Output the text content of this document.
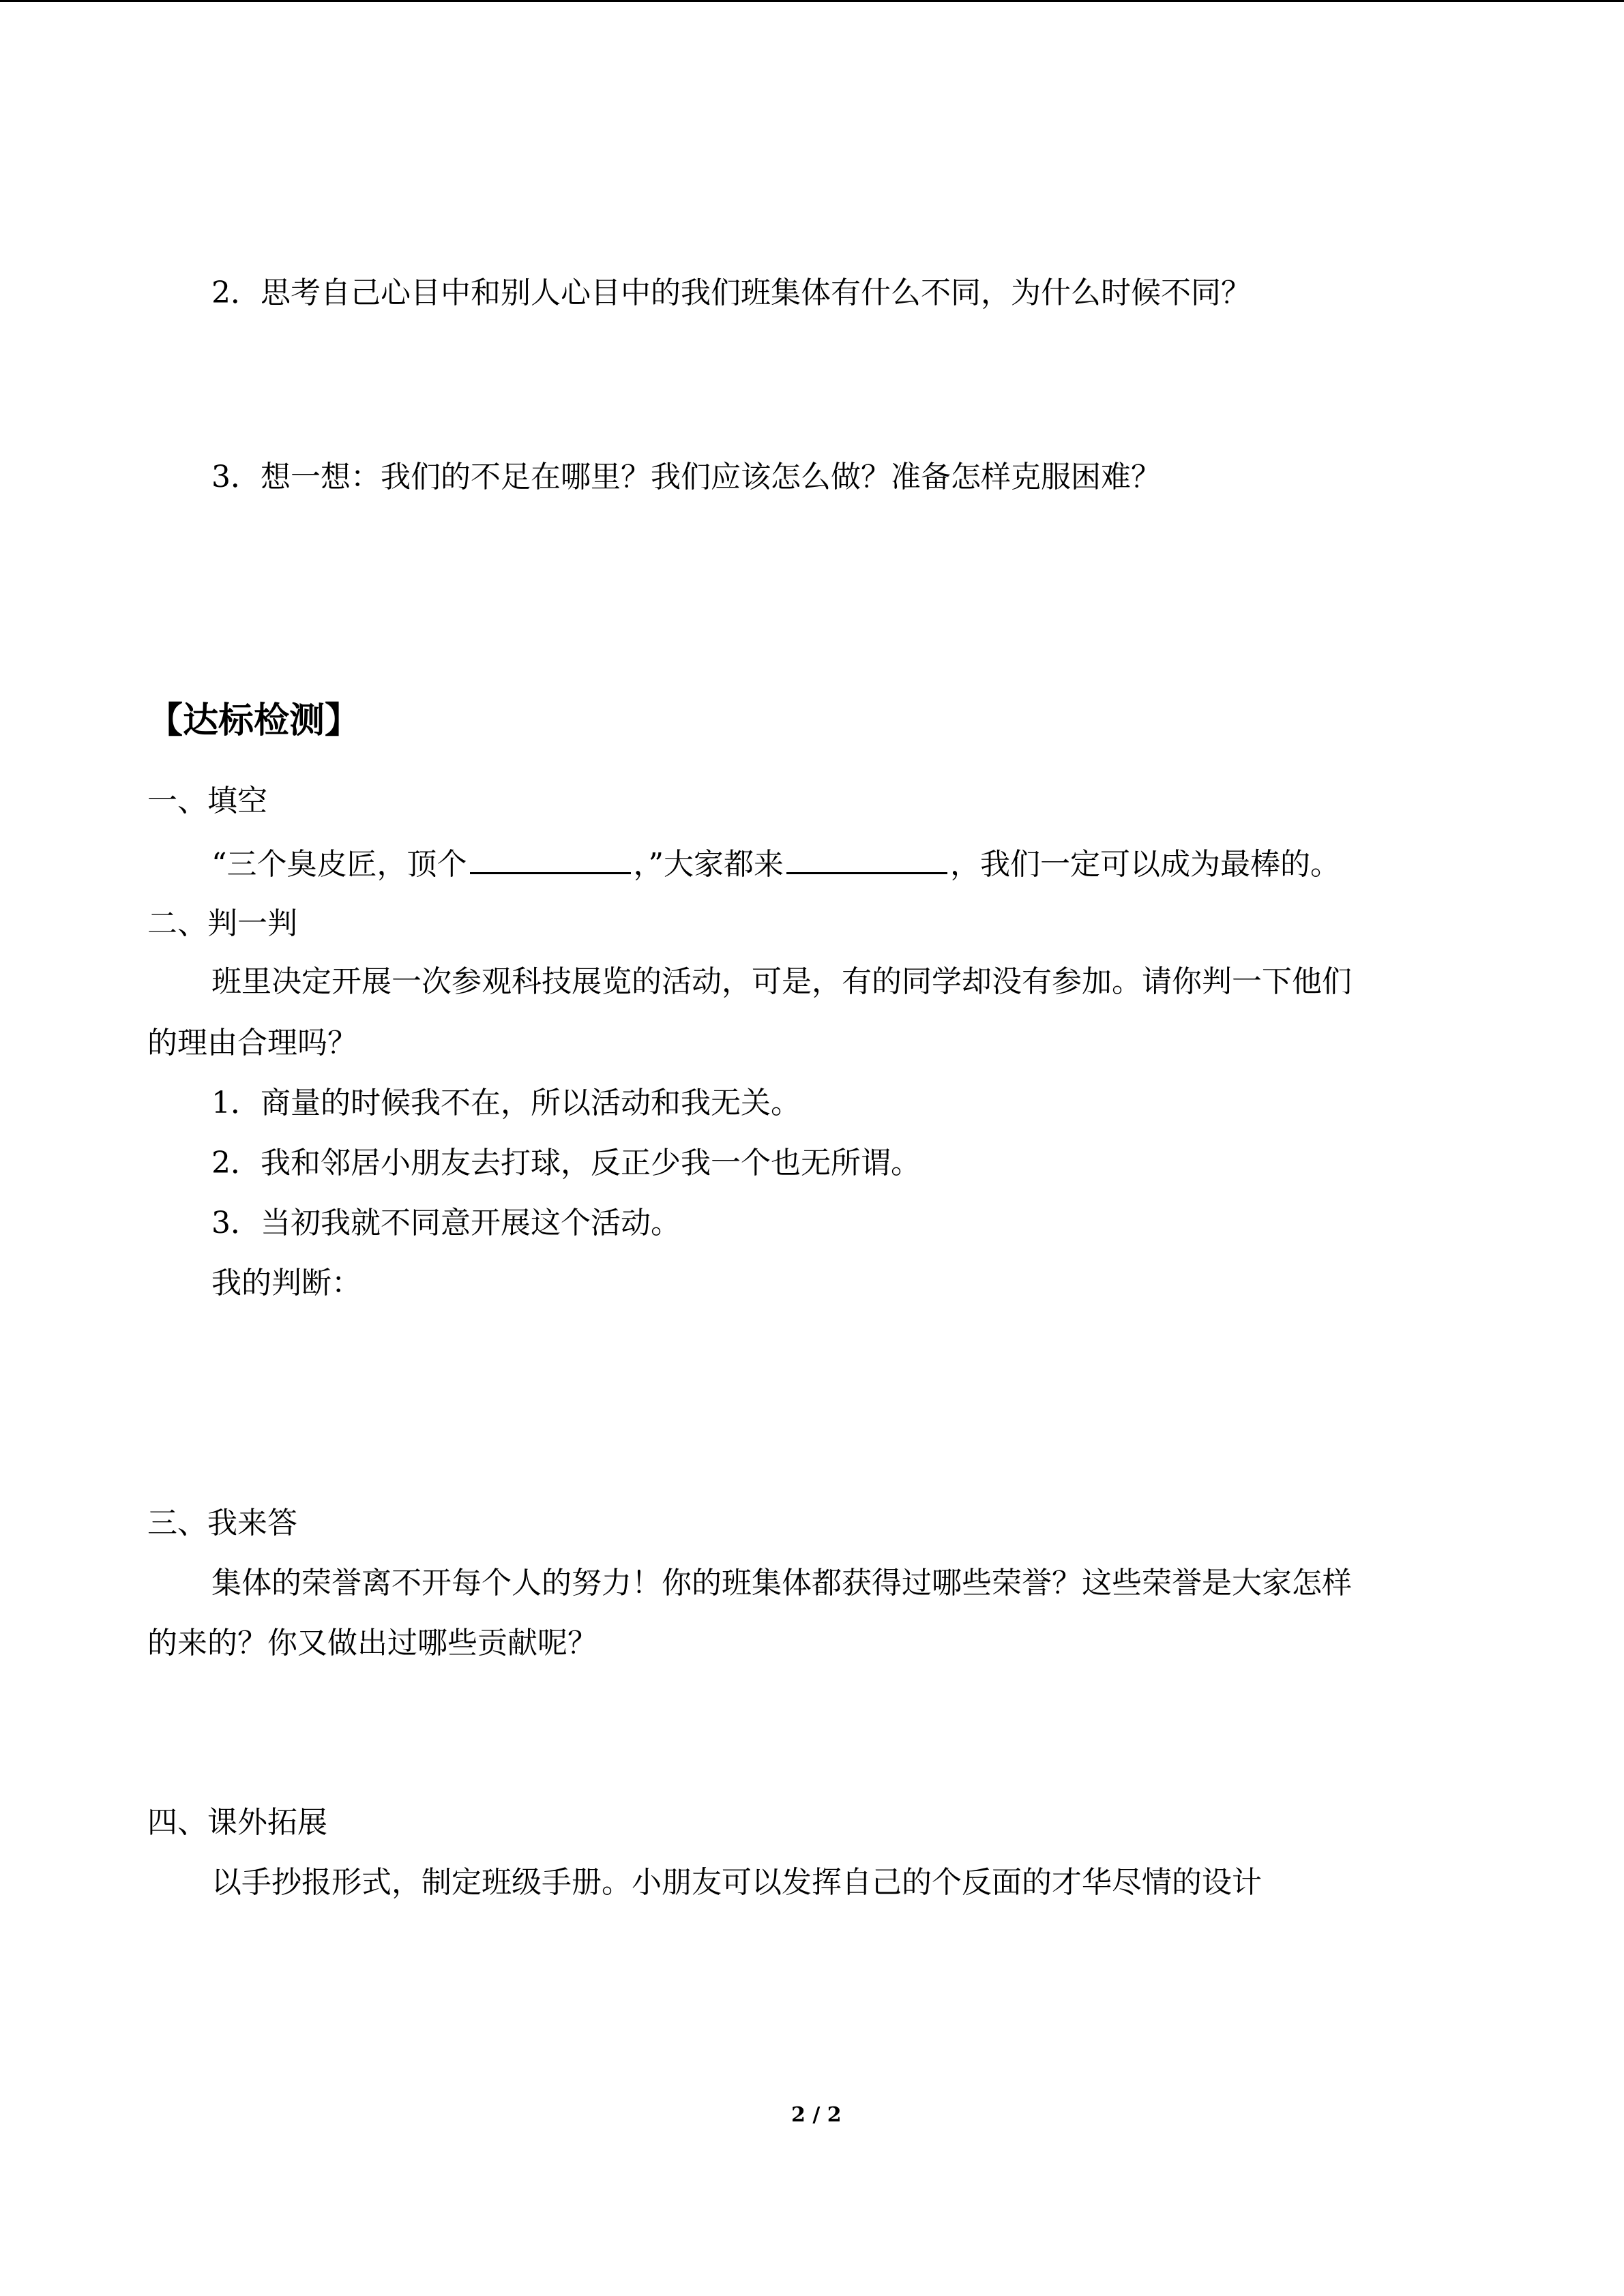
2．思考自己心目中和别人心目中的我们班集体有什么不同，为什么时候不同？
3．想一想：我们的不足在哪里？我们应该怎么做？准备怎样克服困难？
【达标检测】
一、填空
“三个臭皮匠，顶个	，”大家都来	，我们一定可以成为最棒的。
二、判一判
班里决定开展一次参观科技展览的活动，可是，有的同学却没有参加。请你判一下他们
的理由合理吗？
1．商量的时候我不在，所以活动和我无关。
2．我和邻居小朋友去打球，反正少我一个也无所谓。
3．当初我就不同意开展这个活动。
我的判断：
三、我来答
集体的荣誉离不开每个人的努力！你的班集体都获得过哪些荣誉？这些荣誉是大家怎样
的来的？你又做出过哪些贡献呢？
四、课外拓展
以手抄报形式，制定班级手册。小朋友可以发挥自己的个反面的才华尽情的设计
2 / 2
